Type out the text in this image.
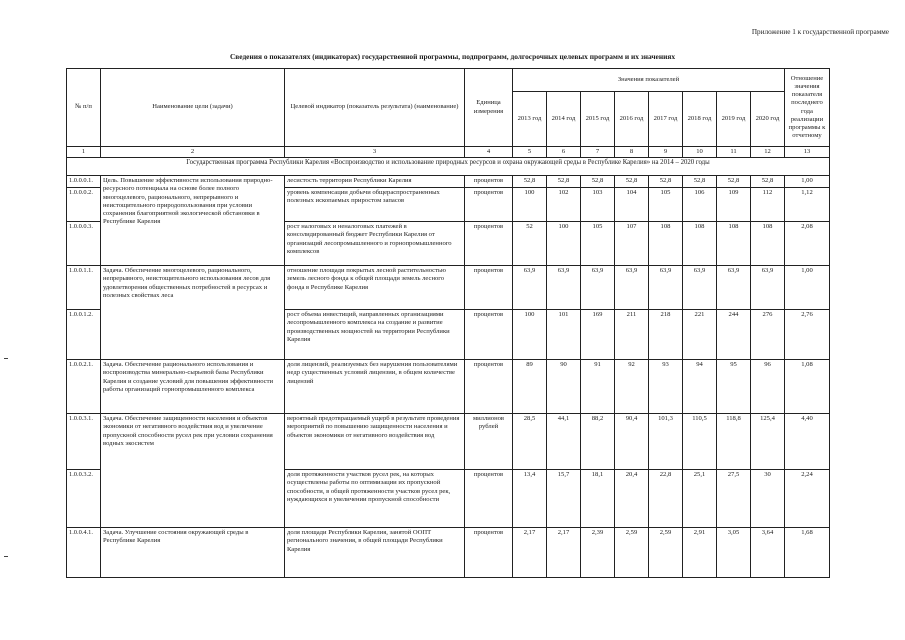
Приложение 1 к государственной программе
Сведения о показателях (индикаторах) государственной программы, подпрограмм, долгосрочных целевых программ и их значениях
№ п/п	Наименование цели (задачи)	Целевой индикатор (показатель результата) (наименование)	Единица измерения	Значения показателей								Отношение значения показателя последнего года реализации программы к отчетному
				2013 год	2014 год	2015 год	2016 год	2017 год	2018 год	2019 год	2020 год	
1	2	3	4	5	6	7	8	9	10	11	12	13
Государственная программа Республики Карелия «Воспроизводство и использование природных ресурсов и охрана окружающей среды в Республике Карелия» на 2014 – 2020 годы												
1.0.0.0.1.	Цель. Повышение эффективности использования природно-ресурсного потенциала на основе более полного многоцелевого, рационального, непрерывного и неистощительного природопользования при условии сохранения благоприятной экологической обстановки в Республике Карелия	лесистость территории Республики Карелия	процентов	52,8	52,8	52,8	52,8	52,8	52,8	52,8	52,8	1,00
1.0.0.0.2.		уровень компенсации добычи общераспространенных полезных ископаемых приростом запасов	процентов	100	102	103	104	105	106	109	112	1,12
1.0.0.0.3.		рост налоговых и неналоговых платежей в консолидированный бюджет Республики Карелия от организаций лесопромышленного и горнопромышленного комплексов	процентов	52	100	105	107	108	108	108	108	2,08
1.0.0.1.1.	Задача. Обеспечение многоцелевого, рационального, непрерывного, неистощительного использования лесов для удовлетворения общественных потребностей в ресурсах и полезных свойствах леса	отношение площади покрытых лесной растительностью земель лесного фонда к общей площади земель лесного фонда в Республике Карелия	процентов	63,9	63,9	63,9	63,9	63,9	63,9	63,9	63,9	1,00
1.0.0.1.2.		рост объема инвестиций, направленных организациями лесопромышленного комплекса на создание и развитие производственных мощностей на территории Республики Карелия	процентов	100	101	169	211	218	221	244	276	2,76
1.0.0.2.1.	Задача. Обеспечение рационального использования и воспроизводства минерально-сырьевой базы Республики Карелия и создание условий для повышения эффективности работы организаций горнопромышленного комплекса	доля лицензий, реализуемых без нарушения пользователями недр существенных условий лицензии, в общем количестве лицензий	процентов	89	90	91	92	93	94	95	96	1,08
1.0.0.3.1.	Задача. Обеспечение защищенности населения и объектов экономики от негативного воздействия вод и увеличение пропускной способности русел рек при условии сохранения водных экосистем	вероятный предотвращаемый ущерб в результате проведения мероприятий по повышению защищенности населения и объектов экономики от негативного воздействия вод	миллионов рублей	28,5	44,1	88,2	90,4	101,3	110,5	118,8	125,4	4,40
1.0.0.3.2.		доля протяженности участков русел рек, на которых осуществлены работы по оптимизации их пропускной способности, в общей протяженности участков русел рек, нуждающихся в увеличении пропускной способности	процентов	13,4	15,7	18,1	20,4	22,8	25,1	27,5	30	2,24
1.0.0.4.1.	Задача. Улучшение состояния окружающей среды в Республике Карелия	доля площади Республики Карелия, занятой ООПТ регионального значения, в общей площади Республики Карелия	процентов	2,17	2,17	2,39	2,59	2,59	2,91	3,05	3,64	1,68
